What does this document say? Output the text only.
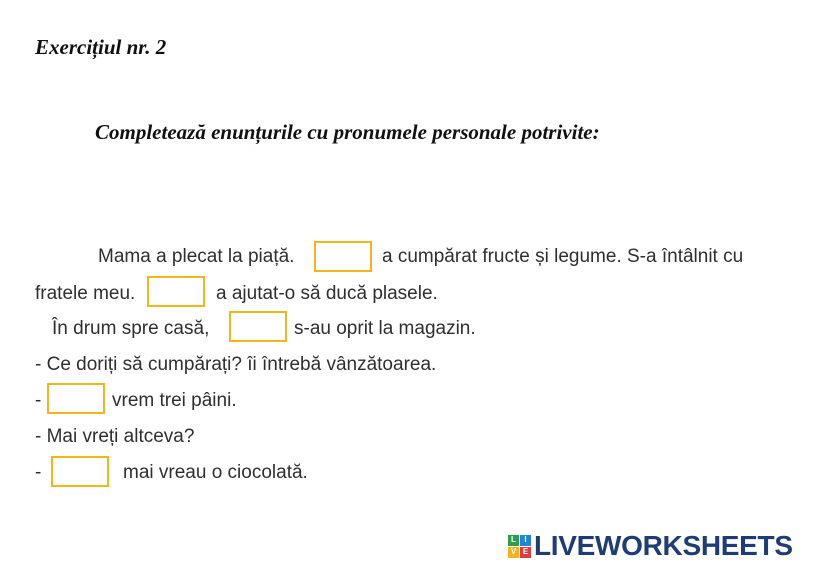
Exercițiul nr. 2
Completează enunțurile cu pronumele personale potrivite:
Mama a plecat la piață.	a cumpărat fructe și legume. S-a întâlnit cu
fratele meu.	a ajutat-o să ducă plasele.
În drum spre casă,	s-au oprit la magazin.
- Ce doriți să cumpărați? îi întrebă vânzătoarea.
-	vrem trei pâini.
- Mai vreți altceva?
-	mai vreau o ciocolată.
L	I
V E LIVEWORKSHEETS
